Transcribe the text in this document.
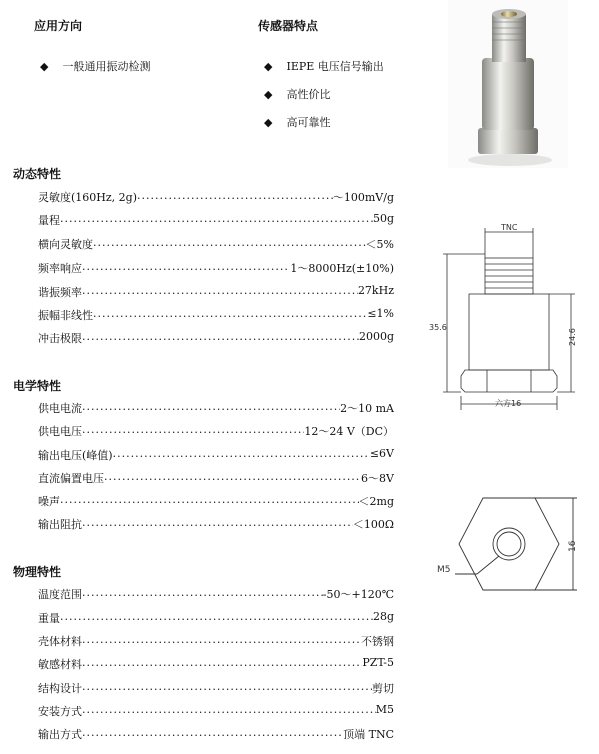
应用方向
◆ 一般通用振动检测
传感器特点
◆ IEPE 电压信号输出
◆ 高性价比
◆ 高可靠性
动态特性
灵敏度(160Hz, 2g) .....	～100mV/g
量程 .....	50g
横向灵敏度 .....	＜5%
频率响应 .....	1～8000Hz(±10%)
谐振频率 .....	27kHz
振幅非线性 .....	≤1%
冲击极限 .....	2000g
电学特性
供电电流 .....	2～10 mA
供电电压 .....	12～24 V（DC）
输出电压(峰值) .....	≤6V
直流偏置电压 .....	6～8V
噪声 .....	＜2mg
输出阻抗 .....	＜100Ω
物理特性
温度范围 .....	-50～+120℃
重量 .....	28g
壳体材料 .....	不锈钢
敏感材料 .....	PZT-5
结构设计 .....	剪切
安装方式 .....	M5
输出方式 .....	顶端 TNC
TNC
35.6
24.6
六方16
M5
16
